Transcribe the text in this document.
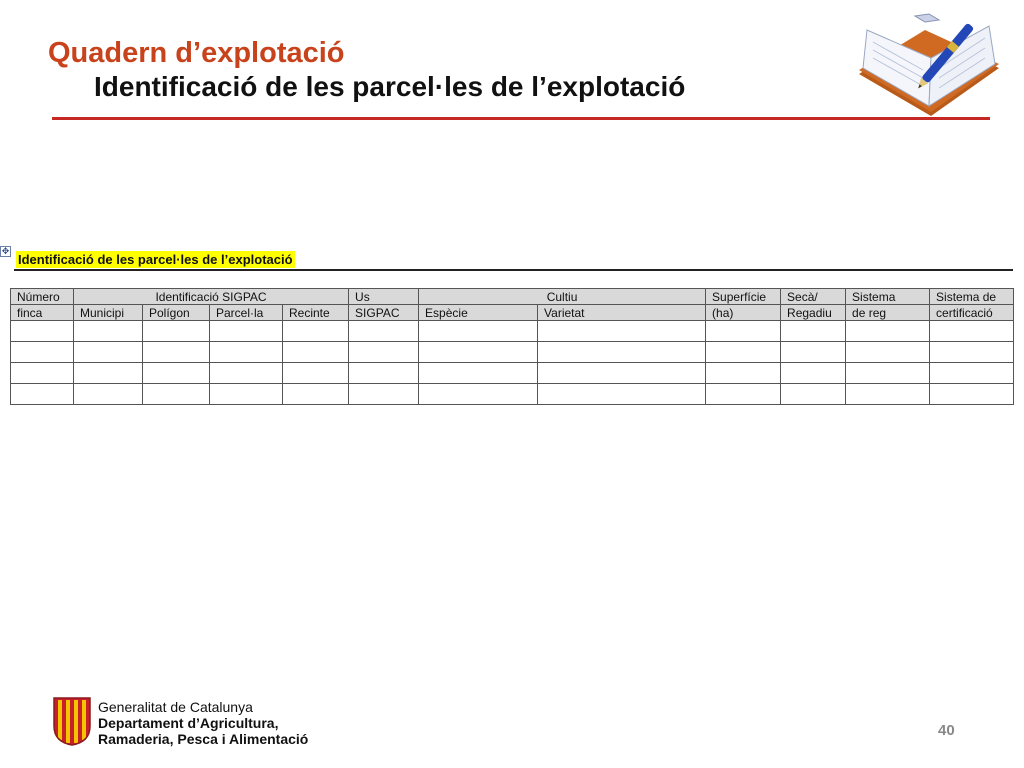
Quadern d’explotació
Identificació de les parcel·les de l’explotació
✥
Identificació de les parcel·les de l’explotació
Número	Identificació SIGPAC				Us	Cultiu		Superfície	Secà/	Sistema	Sistema de
finca	Municipi	Polígon	Parcel·la	Recinte	SIGPAC	Espècie	Varietat	(ha)	Regadiu	de reg	certificació

Generalitat de Catalunya
Departament d’Agricultura,
Ramaderia, Pesca i Alimentació	40
